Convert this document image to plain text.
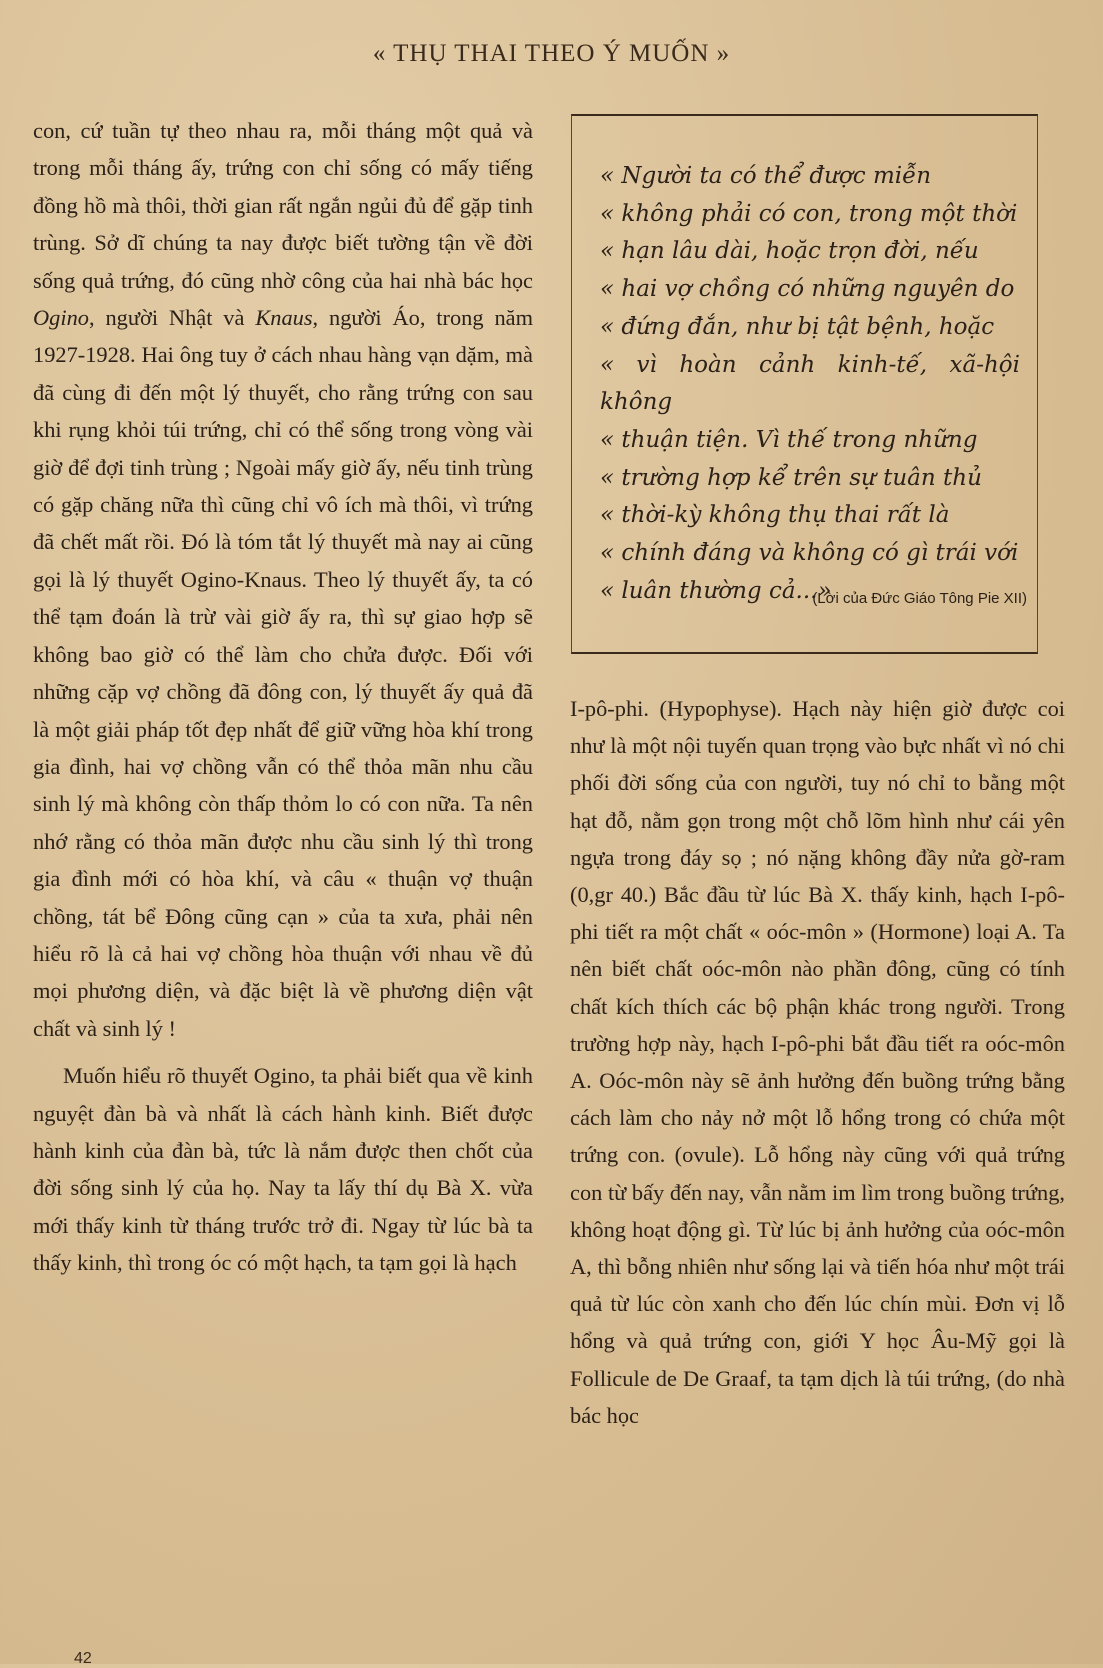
« THỤ THAI THEO Ý MUỐN »

con, cứ tuần tự theo nhau ra, mỗi tháng một quả và trong mỗi tháng ấy, trứng con chỉ sống có mấy tiếng đồng hồ mà thôi, thời gian rất ngắn ngủi đủ để gặp tinh trùng. Sở dĩ chúng ta nay được biết tường tận về đời sống quả trứng, đó cũng nhờ công của hai nhà bác học Ogino, người Nhật và Knaus, người Áo, trong năm 1927-1928. Hai ông tuy ở cách nhau hàng vạn dặm, mà đã cùng đi đến một lý thuyết, cho rằng trứng con sau khi rụng khỏi túi trứng, chỉ có thể sống trong vòng vài giờ để đợi tinh trùng ; Ngoài mấy giờ ấy, nếu tinh trùng có gặp chăng nữa thì cũng chỉ vô ích mà thôi, vì trứng đã chết mất rồi. Đó là tóm tắt lý thuyết mà nay ai cũng gọi là lý thuyết Ogino-Knaus. Theo lý thuyết ấy, ta có thể tạm đoán là trừ vài giờ ấy ra, thì sự giao hợp sẽ không bao giờ có thể làm cho chửa được. Đối với những cặp vợ chồng đã đông con, lý thuyết ấy quả đã là một giải pháp tốt đẹp nhất để giữ vững hòa khí trong gia đình, hai vợ chồng vẫn có thể thỏa mãn nhu cầu sinh lý mà không còn thấp thỏm lo có con nữa. Ta nên nhớ rằng có thỏa mãn được nhu cầu sinh lý thì trong gia đình mới có hòa khí, và câu « thuận vợ thuận chồng, tát bể Đông cũng cạn » của ta xưa, phải nên hiểu rõ là cả hai vợ chồng hòa thuận với nhau về đủ mọi phương diện, và đặc biệt là về phương diện vật chất và sinh lý !

Muốn hiểu rõ thuyết Ogino, ta phải biết qua về kinh nguyệt đàn bà và nhất là cách hành kinh. Biết được hành kinh của đàn bà, tức là nắm được then chốt của đời sống sinh lý của họ. Nay ta lấy thí dụ Bà X. vừa mới thấy kinh từ tháng trước trở đi. Ngay từ lúc bà ta thấy kinh, thì trong óc có một hạch, ta tạm gọi là hạch

« Người ta có thể được miễn

« không phải có con, trong một thời

« hạn lâu dài, hoặc trọn đời, nếu

« hai vợ chồng có những nguyên do

« đứng đắn, như bị tật bệnh, hoặc

« vì hoàn cảnh kinh-tế, xã-hội không

« thuận tiện. Vì thế trong những

« trường hợp kể trên sự tuân thủ

« thời-kỳ không thụ thai rất là

« chính đáng và không có gì trái với

« luân thường cả...»

(Lời của Đức Giáo Tông Pie XII)

I-pô-phi. (Hypophyse). Hạch này hiện giờ được coi như là một nội tuyến quan trọng vào bực nhất vì nó chi phối đời sống của con người, tuy nó chỉ to bằng một hạt đỗ, nằm gọn trong một chỗ lõm hình như cái yên ngựa trong đáy sọ ; nó nặng không đầy nửa gờ-ram (0,gr 40.) Bắc đầu từ lúc Bà X. thấy kinh, hạch I-pô-phi tiết ra một chất « oóc-môn » (Hormone) loại A. Ta nên biết chất oóc-môn nào phần đông, cũng có tính chất kích thích các bộ phận khác trong người. Trong trường hợp này, hạch I-pô-phi bắt đầu tiết ra oóc-môn A. Oóc-môn này sẽ ảnh hưởng đến buồng trứng bằng cách làm cho nảy nở một lỗ hổng trong có chứa một trứng con. (ovule). Lỗ hổng này cũng với quả trứng con từ bấy đến nay, vẫn nằm im lìm trong buồng trứng, không hoạt động gì. Từ lúc bị ảnh hưởng của oóc-môn A, thì bỗng nhiên như sống lại và tiến hóa như một trái quả từ lúc còn xanh cho đến lúc chín mùi. Đơn vị lỗ hổng và quả trứng con, giới Y học Âu-Mỹ gọi là Follicule de De Graaf, ta tạm dịch là túi trứng, (do nhà bác học

42
